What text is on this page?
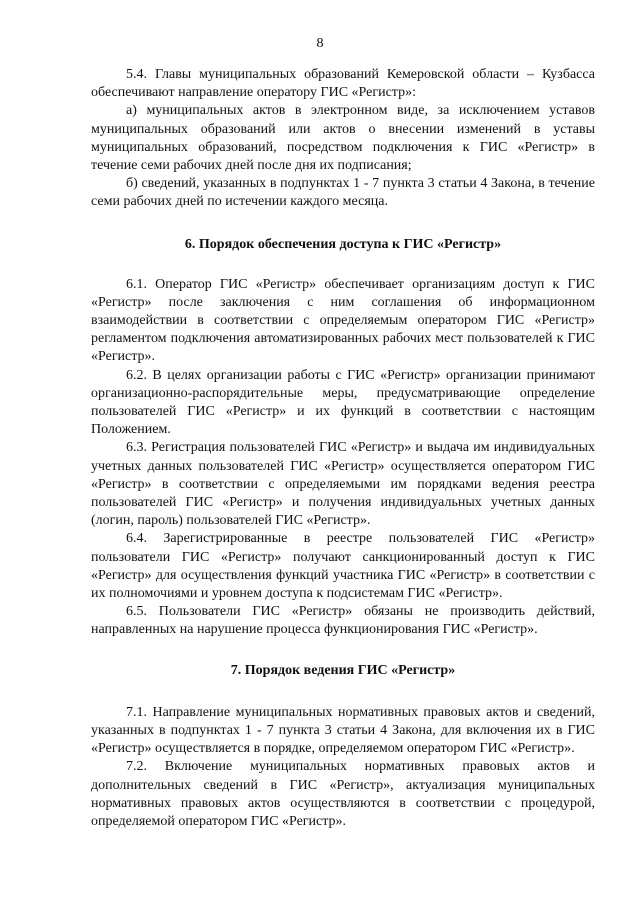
8

5.4. Главы муниципальных образований Кемеровской области – Кузбасса обеспечивают направление оператору ГИС «Регистр»:

а) муниципальных актов в электронном виде, за исключением уставов муниципальных образований или актов о внесении изменений в уставы муниципальных образований, посредством подключения к ГИС «Регистр» в течение семи рабочих дней после дня их подписания;

б) сведений, указанных в подпунктах 1 - 7 пункта 3 статьи 4 Закона, в течение семи рабочих дней по истечении каждого месяца.

6. Порядок обеспечения доступа к ГИС «Регистр»

6.1. Оператор ГИС «Регистр» обеспечивает организациям доступ к ГИС «Регистр» после заключения с ним соглашения об информационном взаимодействии в соответствии с определяемым оператором ГИС «Регистр» регламентом подключения автоматизированных рабочих мест пользователей к ГИС «Регистр».

6.2. В целях организации работы с ГИС «Регистр» организации принимают организационно-распорядительные меры, предусматривающие определение пользователей ГИС «Регистр» и их функций в соответствии с настоящим Положением.

6.3. Регистрация пользователей ГИС «Регистр» и выдача им индивидуальных учетных данных пользователей ГИС «Регистр» осуществляется оператором ГИС «Регистр» в соответствии с определяемыми им порядками ведения реестра пользователей ГИС «Регистр» и получения индивидуальных учетных данных (логин, пароль) пользователей ГИС «Регистр».

6.4. Зарегистрированные в реестре пользователей ГИС «Регистр» пользователи ГИС «Регистр» получают санкционированный доступ к ГИС «Регистр» для осуществления функций участника ГИС «Регистр» в соответствии с их полномочиями и уровнем доступа к подсистемам ГИС «Регистр».

6.5. Пользователи ГИС «Регистр» обязаны не производить действий, направленных на нарушение процесса функционирования ГИС «Регистр».

7. Порядок ведения ГИС «Регистр»

7.1. Направление муниципальных нормативных правовых актов и сведений, указанных в подпунктах 1 - 7 пункта 3 статьи 4 Закона, для включения их в ГИС «Регистр» осуществляется в порядке, определяемом оператором ГИС «Регистр».

7.2. Включение муниципальных нормативных правовых актов и дополнительных сведений в ГИС «Регистр», актуализация муниципальных нормативных правовых актов осуществляются в соответствии с процедурой, определяемой оператором ГИС «Регистр».
